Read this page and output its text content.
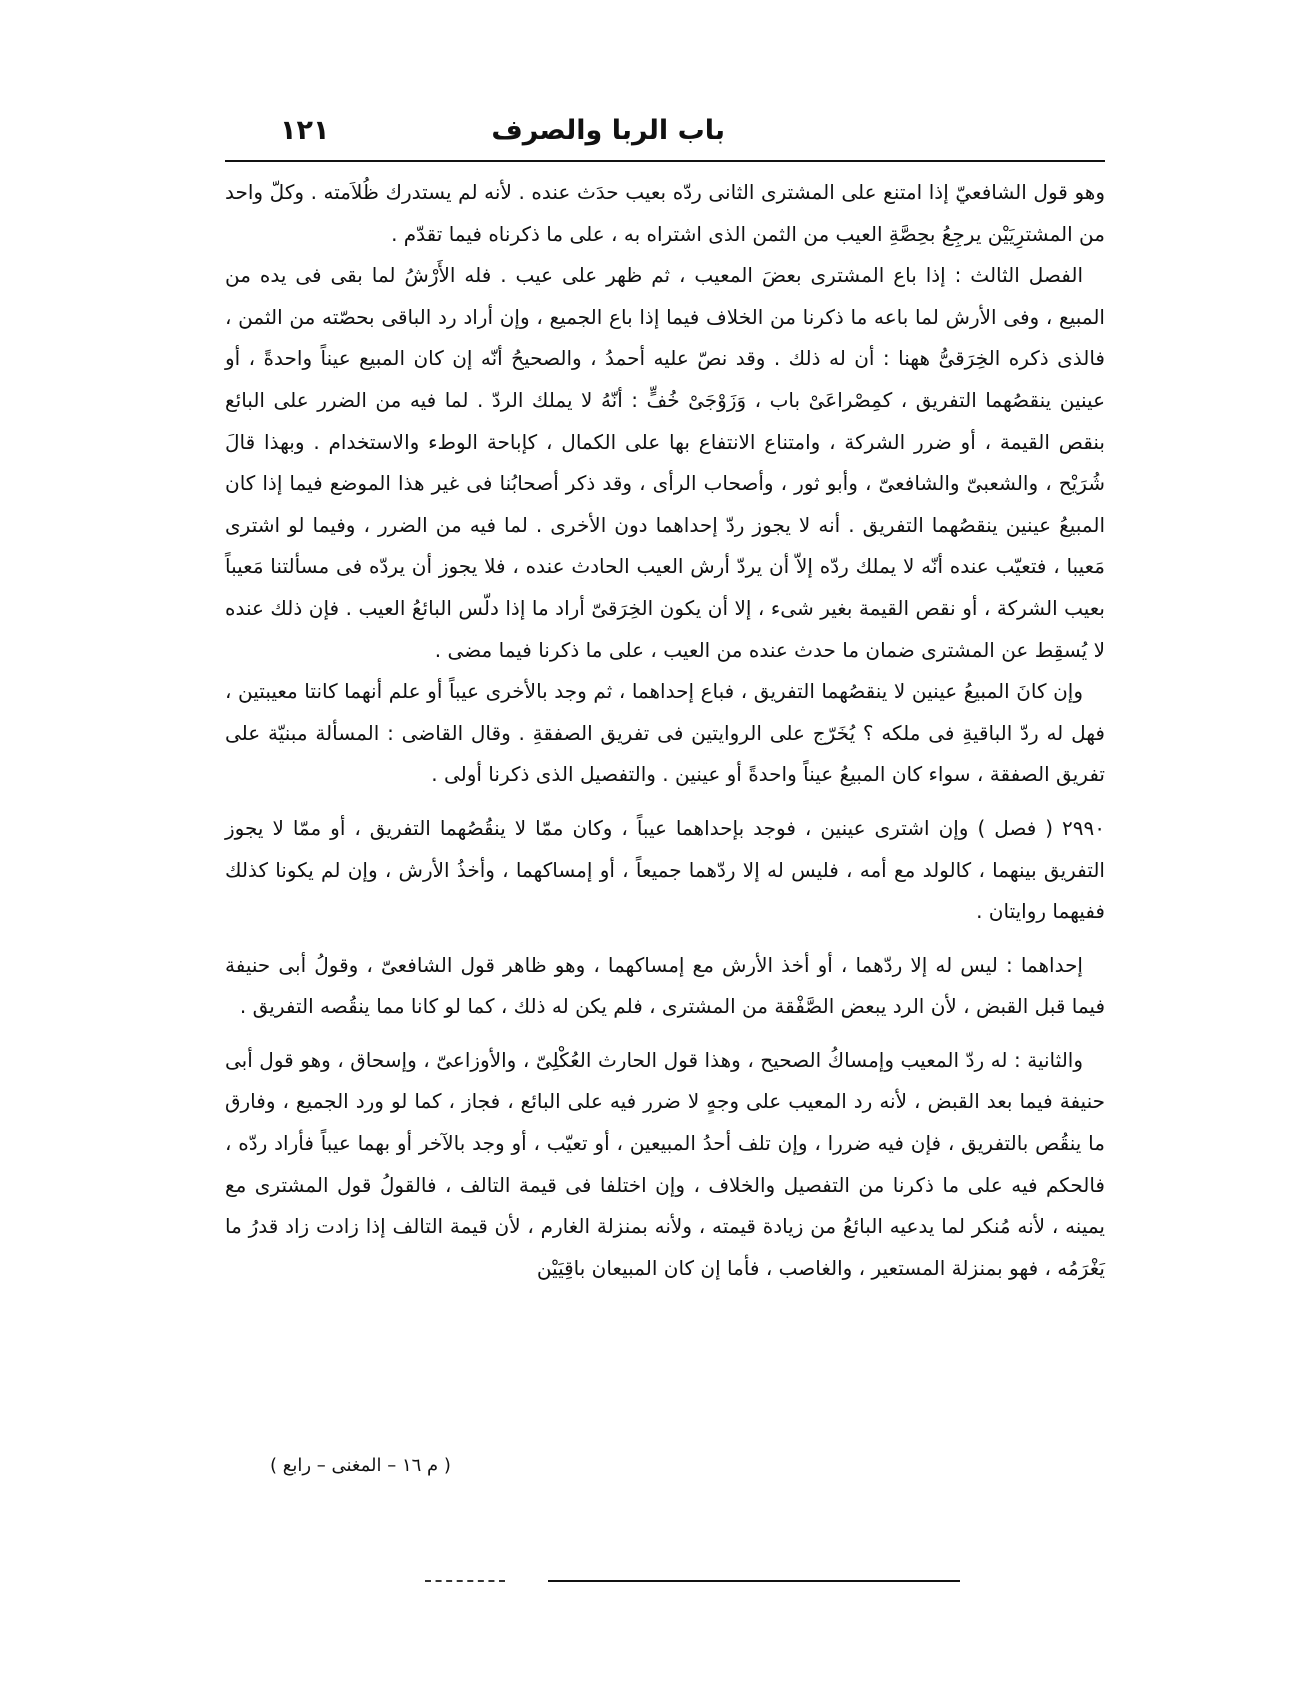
باب الربا والصرف
١٢١

وهو قول الشافعيّ إذا امتنع على المشترى الثانى ردّه بعيب حدَث عنده . لأنه لم يستدرك ظُلاَمته . وكلّ واحد من المشترِيَيْن يرجِعُ بحِصَّةِ العيب من الثمن الذى اشتراه به ، على ما ذكرناه فيما تقدّم .

الفصل الثالث : إذا باع المشترى بعضَ المعيب ، ثم ظهر على عيب . فله الأَرْشُ لما بقى فى يده من المبيع ، وفى الأرش لما باعه ما ذكرنا من الخلاف فيما إذا باع الجميع ، وإن أراد رد الباقى بحصّته من الثمن ، فالذى ذكره الخِرَقىُّ ههنا : أن له ذلك . وقد نصّ عليه أحمدُ ، والصحيحُ أنّه إن كان المبيع عيناً واحدةً ، أو عينين ينقصُهما التفريق ، كمِصْراعَىْ باب ، وَزَوْجَىْ خُفٍّ : أنّهُ لا يملك الردّ . لما فيه من الضرر على البائع بنقص القيمة ، أو ضرر الشركة ، وامتناع الانتفاع بها على الكمال ، كإباحة الوطء والاستخدام . وبهذا قالَ شُرَيْح ، والشعبىّ والشافعىّ ، وأبو ثور ، وأصحاب الرأى ، وقد ذكر أصحابُنا فى غير هذا الموضع فيما إذا كان المبيعُ عينين ينقصُهما التفريق . أنه لا يجوز ردّ إحداهما دون الأخرى . لما فيه من الضرر ، وفيما لو اشترى مَعيبا ، فتعيّب عنده أنّه لا يملك ردّه إلاّ أن يردّ أرش العيب الحادث عنده ، فلا يجوز أن يردّه فى مسألتنا مَعيباً بعيب الشركة ، أو نقص القيمة بغير شىء ، إلا أن يكون الخِرَقىّ أراد ما إذا دلّس البائعُ العيب . فإن ذلك عنده لا يُسقِط عن المشترى ضمان ما حدث عنده من العيب ، على ما ذكرنا فيما مضى .

وإن كانَ المبيعُ عينين لا ينقصُهما التفريق ، فباع إحداهما ، ثم وجد بالأخرى عيباً أو علم أنهما كانتا معيبتين ، فهل له ردّ الباقيةِ فى ملكه ؟ يُخَرّج على الروايتين فى تفريق الصفقةِ . وقال القاضى : المسألة مبنيّة على تفريق الصفقة ، سواء كان المبيعُ عيناً واحدةً أو عينين . والتفصيل الذى ذكرنا أولى .

٢٩٩٠ ( فصل ) وإن اشترى عينين ، فوجد بإحداهما عيباً ، وكان ممّا لا ينقُصُهما التفريق ، أو ممّا لا يجوز التفريق بينهما ، كالولد مع أمه ، فليس له إلا ردّهما جميعاً ، أو إمساكهما ، وأخذُ الأرش ، وإن لم يكونا كذلك ففيهما روايتان .

إحداهما : ليس له إلا ردّهما ، أو أخذ الأرش مع إمساكهما ، وهو ظاهر قول الشافعىّ ، وقولُ أبى حنيفة فيما قبل القبض ، لأن الرد يبعض الصَّفْقة من المشترى ، فلم يكن له ذلك ، كما لو كانا مما ينقُصه التفريق .

والثانية : له ردّ المعيب وإمساكُ الصحيح ، وهذا قول الحارث العُكْلِىّ ، والأوزاعىّ ، وإسحاق ، وهو قول أبى حنيفة فيما بعد القبض ، لأنه رد المعيب على وجهٍ لا ضرر فيه على البائع ، فجاز ، كما لو ورد الجميع ، وفارق ما ينقُص بالتفريق ، فإن فيه ضررا ، وإن تلف أحدُ المبيعين ، أو تعيّب ، أو وجد بالآخر أو بهما عيباً فأراد ردّه ، فالحكم فيه على ما ذكرنا من التفصيل والخلاف ، وإن اختلفا فى قيمة التالف ، فالقولُ قول المشترى مع يمينه ، لأنه مُنكر لما يدعيه البائعُ من زيادة قيمته ، ولأنه بمنزلة الغارم ، لأن قيمة التالف إذا زادت زاد قدرُ ما يَغْرَمُه ، فهو بمنزلة المستعير ، والغاصب ، فأما إن كان المبيعان باقِيَيْن

( م ١٦ – المغنى – رابع )
